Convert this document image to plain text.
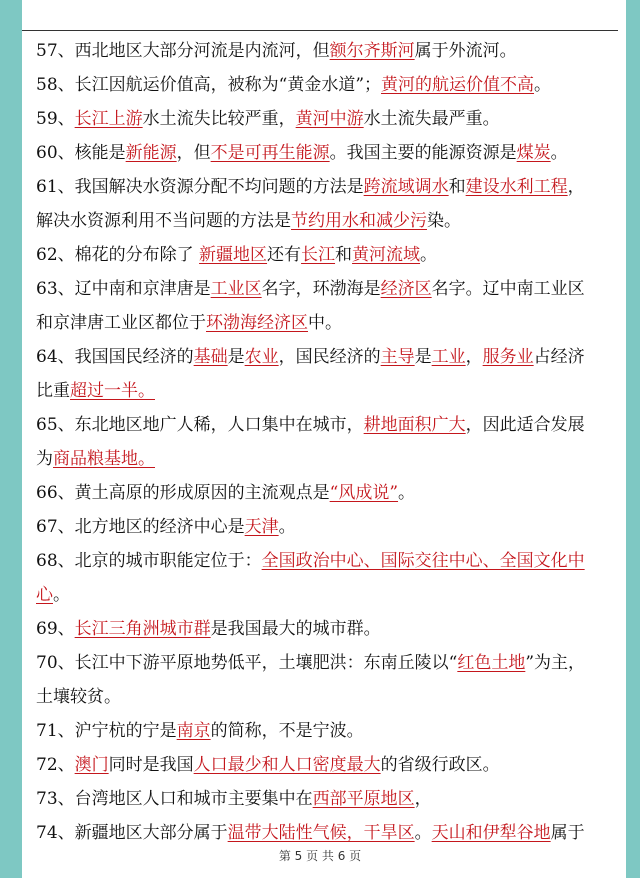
57、西北地区大部分河流是内流河，但额尔齐斯河属于外流河。

58、长江因航运价值高，被称为“黄金水道”；黄河的航运价值不高。

59、长江上游水土流失比较严重，黄河中游水土流失最严重。

60、核能是新能源，但不是可再生能源。我国主要的能源资源是煤炭。

61、我国解决水资源分配不均问题的方法是跨流域调水和建设水利工程，解决水资源利用不当问题的方法是节约用水和减少污染。

62、棉花的分布除了 新疆地区还有长江和黄河流域。

63、辽中南和京津唐是工业区名字，环渤海是经济区名字。辽中南工业区和京津唐工业区都位于环渤海经济区中。

64、我国国民经济的基础是农业，国民经济的主导是工业，服务业占经济比重超过一半。

65、东北地区地广人稀，人口集中在城市，耕地面积广大，因此适合发展为商品粮基地。

66、黄土高原的形成原因的主流观点是“风成说”。

67、北方地区的经济中心是天津。

68、北京的城市职能定位于：全国政治中心、国际交往中心、全国文化中心。

69、长江三角洲城市群是我国最大的城市群。

70、长江中下游平原地势低平，土壤肥洪：东南丘陵以“红色土地”为主，土壤较贫。

71、沪宁杭的宁是南京的简称，不是宁波。

72、澳门同时是我国人口最少和人口密度最大的省级行政区。

73、台湾地区人口和城市主要集中在西部平原地区，

74、新疆地区大部分属于温带大陆性气候，干旱区。天山和伊犁谷地属于

第 5 页 共 6 页
